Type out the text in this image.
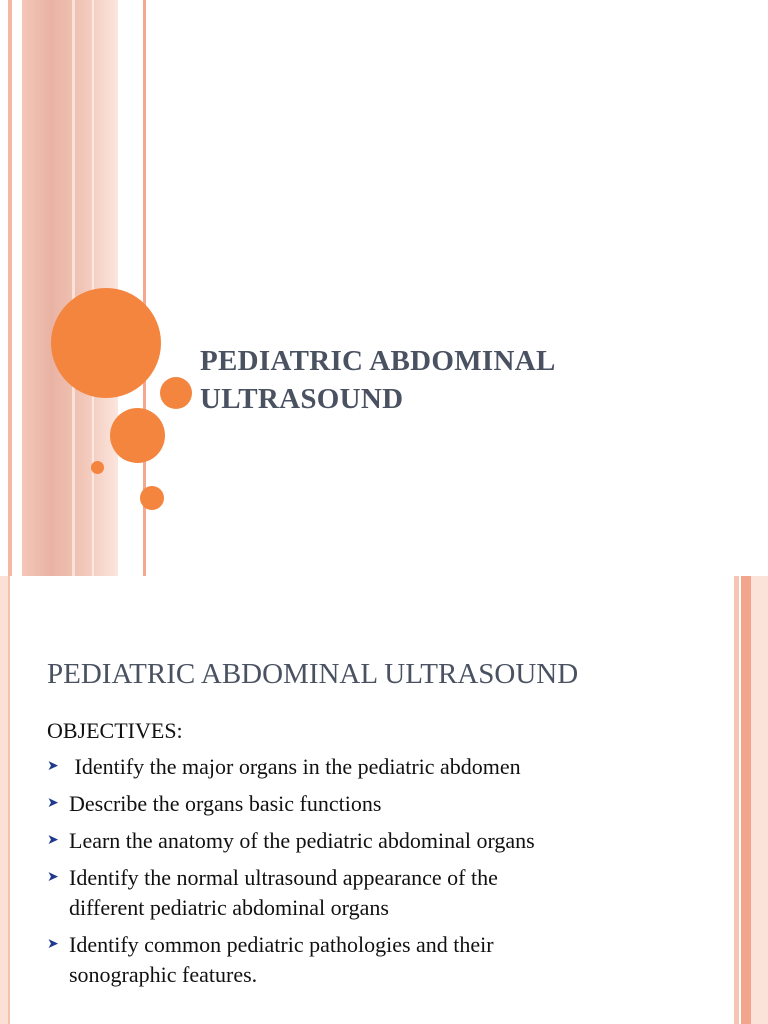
PEDIATRIC ABDOMINAL
ULTRASOUND
PEDIATRIC ABDOMINAL ULTRASOUND
OBJECTIVES:
➤ Identify the major organs in the pediatric abdomen
➤ Describe the organs basic functions
➤ Learn the anatomy of the pediatric abdominal organs
➤ Identify the normal ultrasound appearance of the
different pediatric abdominal organs
➤ Identify common pediatric pathologies and their
sonographic features.
